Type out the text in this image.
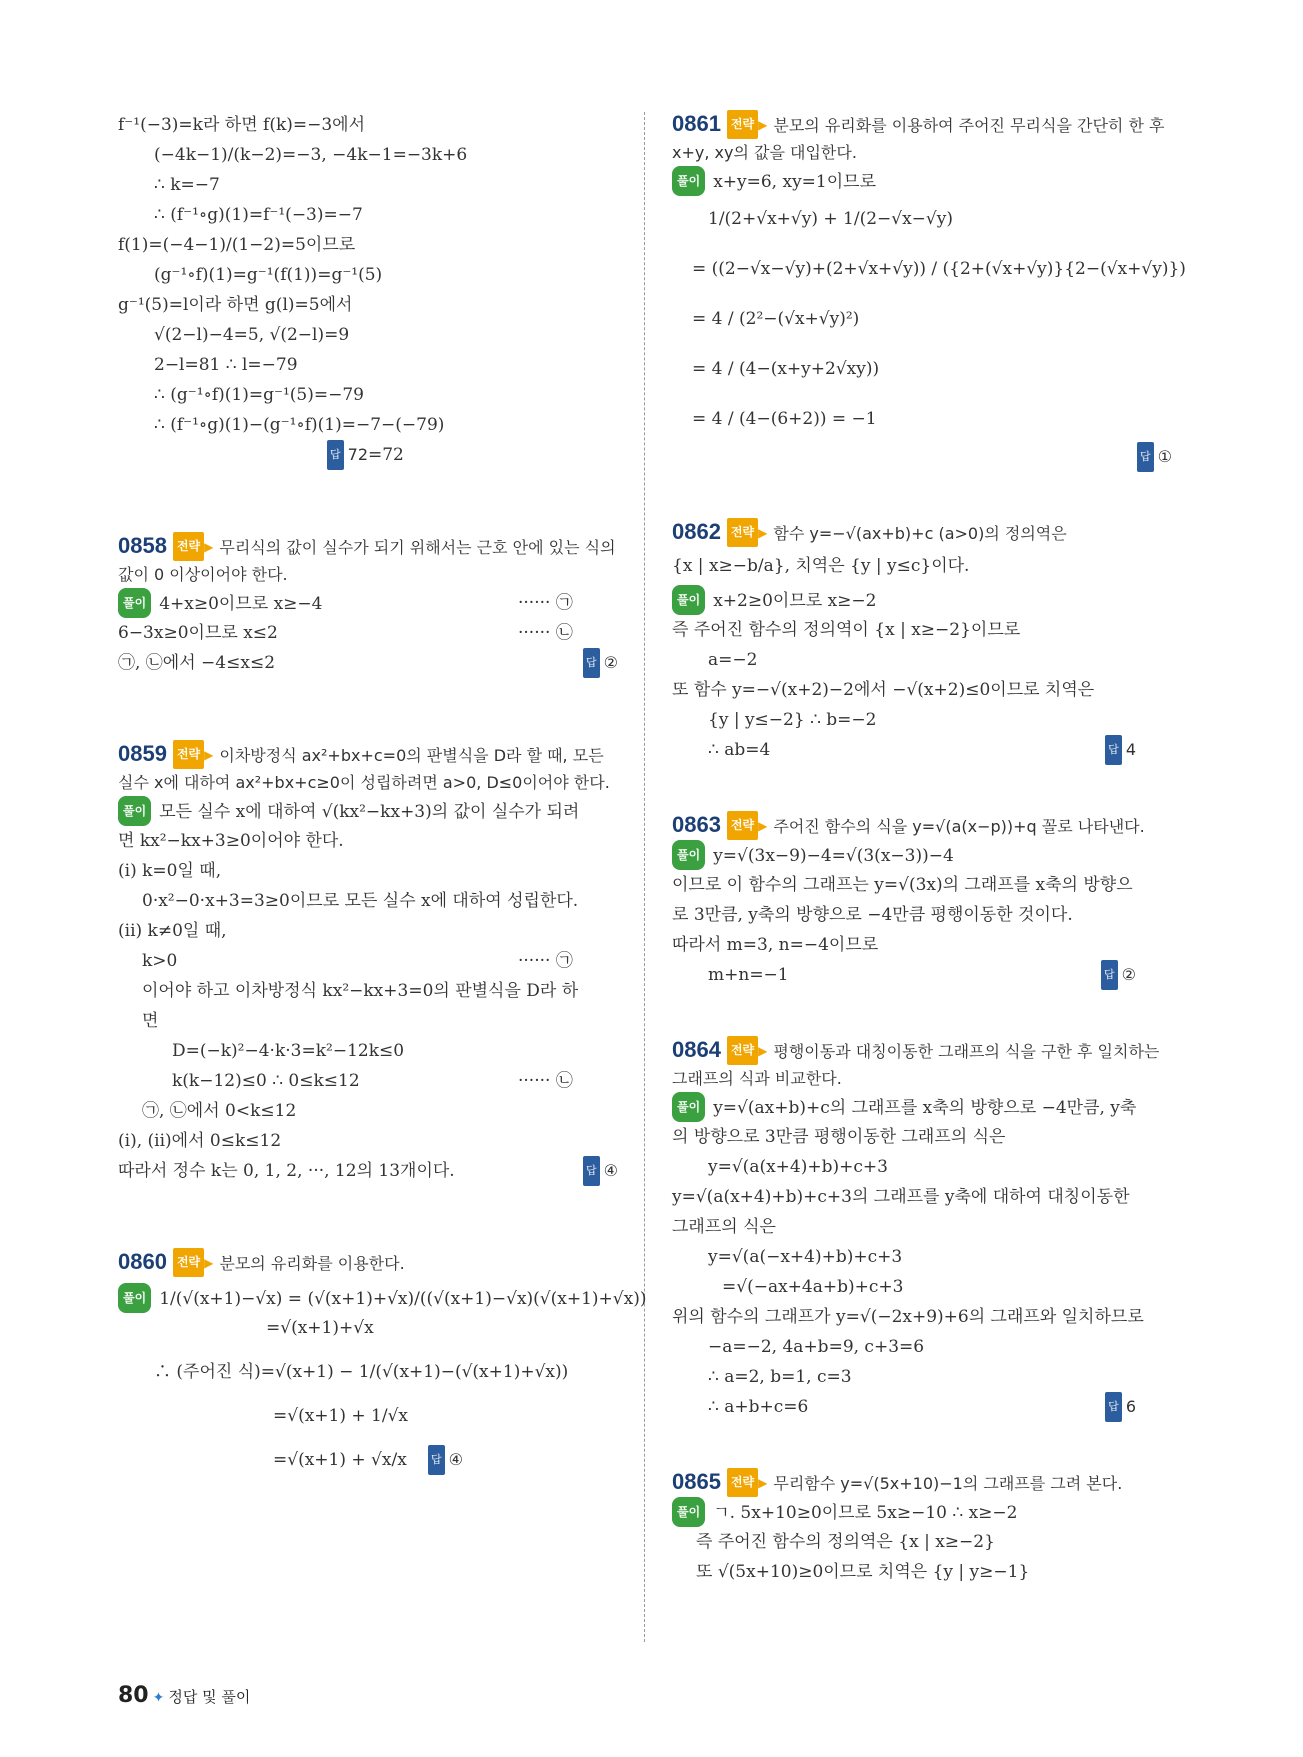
f⁻¹(−3)=k라 하면 f(k)=−3에서
(−4k−1)/(k−2)=−3, −4k−1=−3k+6
∴ k=−7
∴ (f⁻¹∘g)(1)=f⁻¹(−3)=−7
f(1)=(−4−1)/(1−2)=5이므로
(g⁻¹∘f)(1)=g⁻¹(f(1))=g⁻¹(5)
g⁻¹(5)=l이라 하면 g(l)=5에서
√(2−l)−4=5, √(2−l)=9
2−l=81 ∴ l=−79
∴ (g⁻¹∘f)(1)=g⁻¹(5)=−79
∴ (f⁻¹∘g)(1)−(g⁻¹∘f)(1)=−7−(−79)
=72
답 72
0858 전략 ▶ 무리식의 값이 실수가 되기 위해서는 근호 안에 있는 식의 값이 0 이상이어야 한다.
풀이 4+x≥0이므로 x≥−4	······ ㉠
6−3x≥0이므로 x≤2	······ ㉡
㉠, ㉡에서 −4≤x≤2	답 ②
0859 전략 ▶ 이차방정식 ax²+bx+c=0의 판별식을 D라 할 때, 모든 실수 x에 대하여 ax²+bx+c≥0이 성립하려면 a>0, D≤0이어야 한다.
풀이 모든 실수 x에 대하여 √(kx²−kx+3)의 값이 실수가 되려
면 kx²−kx+3≥0이어야 한다.
(i) k=0일 때,
0·x²−0·x+3=3≥0이므로 모든 실수 x에 대하여 성립한다.
(ii) k≠0일 때,
k>0	······ ㉠
이어야 하고 이차방정식 kx²−kx+3=0의 판별식을 D라 하
면
D=(−k)²−4·k·3=k²−12k≤0
k(k−12)≤0 ∴ 0≤k≤12	······ ㉡
㉠, ㉡에서 0<k≤12
(i), (ii)에서 0≤k≤12
따라서 정수 k는 0, 1, 2, ···, 12의 13개이다.	답 ④
0860 전략 ▶ 분모의 유리화를 이용한다.
풀이 1/(√(x+1)−√x) = (√(x+1)+√x)/((√(x+1)−√x)(√(x+1)+√x))
=√(x+1)+√x
∴ (주어진 식)=√(x+1) − 1/(√(x+1)−(√(x+1)+√x))
=√(x+1) + 1/√x
=√(x+1) + √x/x 답 ④
0861 전략 ▶ 분모의 유리화를 이용하여 주어진 무리식을 간단히 한 후 x+y, xy의 값을 대입한다.
풀이 x+y=6, xy=1이므로
1/(2+√x+√y) + 1/(2−√x−√y)
= ((2−√x−√y)+(2+√x+√y)) / ({2+(√x+√y)}{2−(√x+√y)})
= 4 / (2²−(√x+√y)²)
= 4 / (4−(x+y+2√xy))
= 4 / (4−(6+2)) = −1
답 ①
0862 전략 ▶ 함수 y=−√(ax+b)+c (a>0)의 정의역은
{x | x≥−b/a}, 치역은 {y | y≤c}이다.
풀이 x+2≥0이므로 x≥−2
즉 주어진 함수의 정의역이 {x | x≥−2}이므로
a=−2
또 함수 y=−√(x+2)−2에서 −√(x+2)≤0이므로 치역은
{y | y≤−2} ∴ b=−2
∴ ab=4	답 4
0863 전략 ▶ 주어진 함수의 식을 y=√(a(x−p))+q 꼴로 나타낸다.
풀이 y=√(3x−9)−4=√(3(x−3))−4
이므로 이 함수의 그래프는 y=√(3x)의 그래프를 x축의 방향으
로 3만큼, y축의 방향으로 −4만큼 평행이동한 것이다.
따라서 m=3, n=−4이므로
m+n=−1	답 ②
0864 전략 ▶ 평행이동과 대칭이동한 그래프의 식을 구한 후 일치하는 그래프의 식과 비교한다.
풀이 y=√(ax+b)+c의 그래프를 x축의 방향으로 −4만큼, y축
의 방향으로 3만큼 평행이동한 그래프의 식은
y=√(a(x+4)+b)+c+3
y=√(a(x+4)+b)+c+3의 그래프를 y축에 대하여 대칭이동한
그래프의 식은
y=√(a(−x+4)+b)+c+3
=√(−ax+4a+b)+c+3
위의 함수의 그래프가 y=√(−2x+9)+6의 그래프와 일치하므로
−a=−2, 4a+b=9, c+3=6
∴ a=2, b=1, c=3
∴ a+b+c=6	답 6
0865 전략 ▶ 무리함수 y=√(5x+10)−1의 그래프를 그려 본다.
풀이 ㄱ. 5x+10≥0이므로 5x≥−10 ∴ x≥−2
즉 주어진 함수의 정의역은 {x | x≥−2}
또 √(5x+10)≥0이므로 치역은 {y | y≥−1}
80 ✦ 정답 및 풀이
